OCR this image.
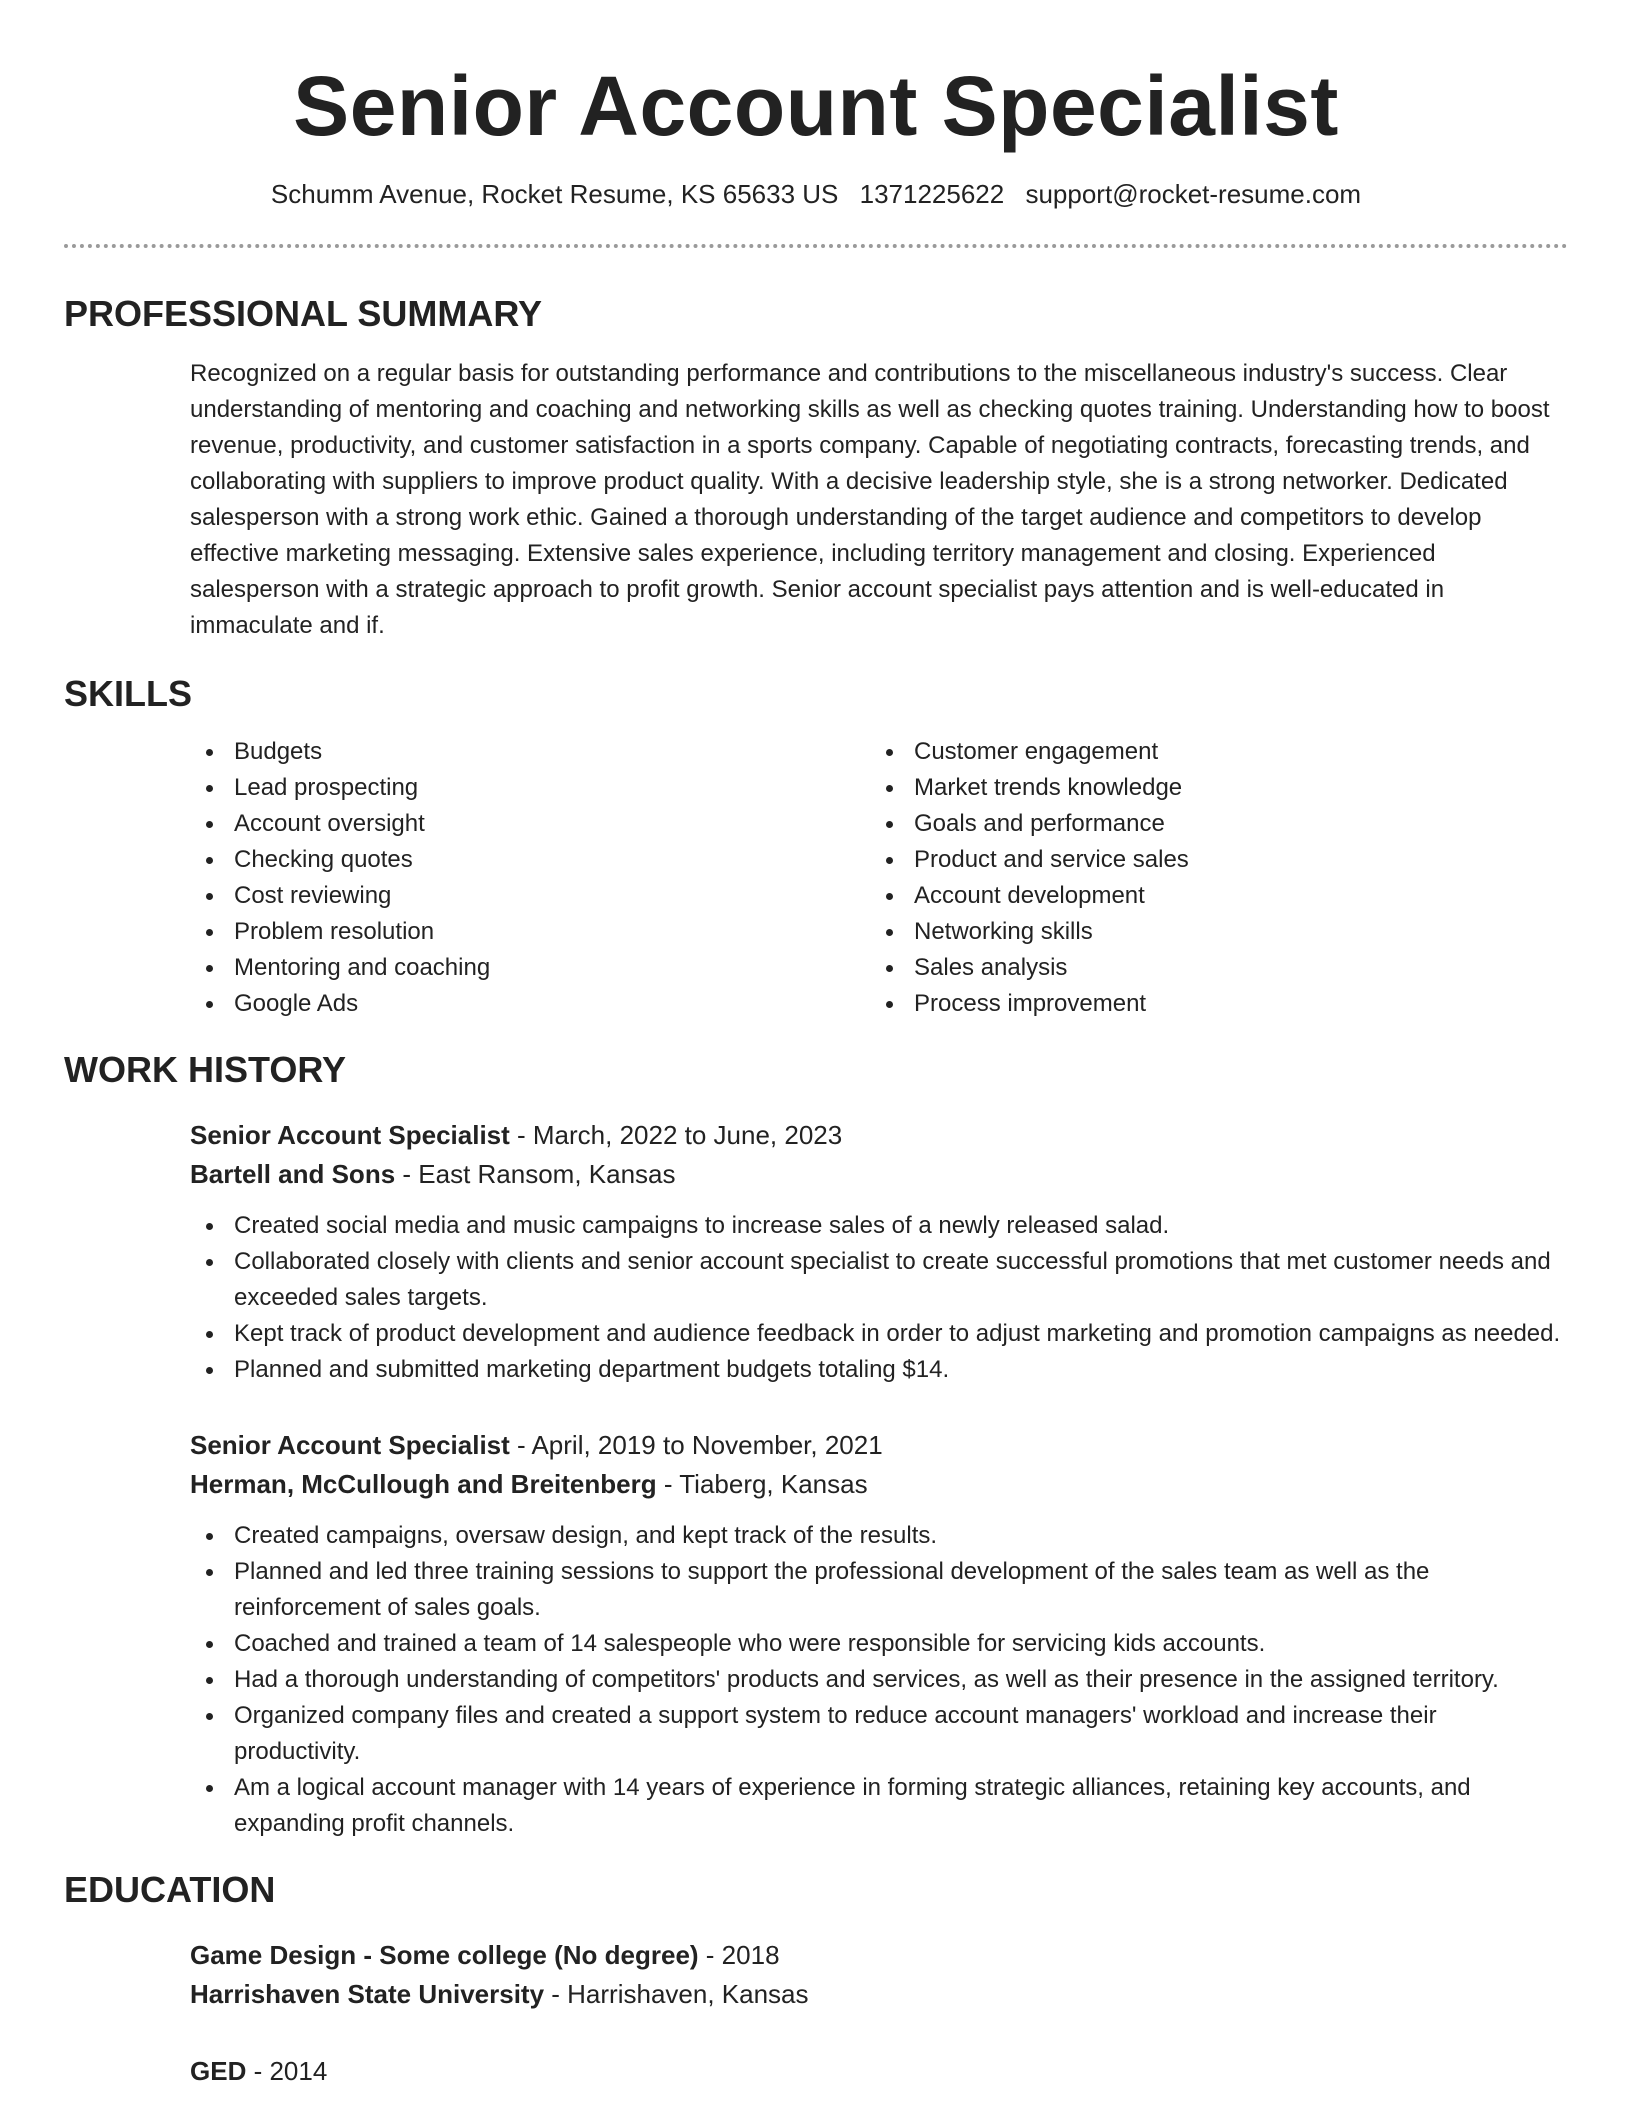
Senior Account Specialist
Schumm Avenue, Rocket Resume, KS 65633 US 1371225622 support@rocket-resume.com
PROFESSIONAL SUMMARY
Recognized on a regular basis for outstanding performance and contributions to the miscellaneous industry's success. Clear understanding of mentoring and coaching and networking skills as well as checking quotes training. Understanding how to boost revenue, productivity, and customer satisfaction in a sports company. Capable of negotiating contracts, forecasting trends, and collaborating with suppliers to improve product quality. With a decisive leadership style, she is a strong networker. Dedicated salesperson with a strong work ethic. Gained a thorough understanding of the target audience and competitors to develop effective marketing messaging. Extensive sales experience, including territory management and closing. Experienced salesperson with a strategic approach to profit growth. Senior account specialist pays attention and is well-educated in immaculate and if.
SKILLS
Budgets
Lead prospecting
Account oversight
Checking quotes
Cost reviewing
Problem resolution
Mentoring and coaching
Google Ads
Customer engagement
Market trends knowledge
Goals and performance
Product and service sales
Account development
Networking skills
Sales analysis
Process improvement
WORK HISTORY
Senior Account Specialist - March, 2022 to June, 2023
Bartell and Sons - East Ransom, Kansas
Created social media and music campaigns to increase sales of a newly released salad.
Collaborated closely with clients and senior account specialist to create successful promotions that met customer needs and exceeded sales targets.
Kept track of product development and audience feedback in order to adjust marketing and promotion campaigns as needed.
Planned and submitted marketing department budgets totaling $14.
Senior Account Specialist - April, 2019 to November, 2021
Herman, McCullough and Breitenberg - Tiaberg, Kansas
Created campaigns, oversaw design, and kept track of the results.
Planned and led three training sessions to support the professional development of the sales team as well as the reinforcement of sales goals.
Coached and trained a team of 14 salespeople who were responsible for servicing kids accounts.
Had a thorough understanding of competitors' products and services, as well as their presence in the assigned territory.
Organized company files and created a support system to reduce account managers' workload and increase their productivity.
Am a logical account manager with 14 years of experience in forming strategic alliances, retaining key accounts, and expanding profit channels.
EDUCATION
Game Design - Some college (No degree) - 2018
Harrishaven State University - Harrishaven, Kansas
GED - 2014
